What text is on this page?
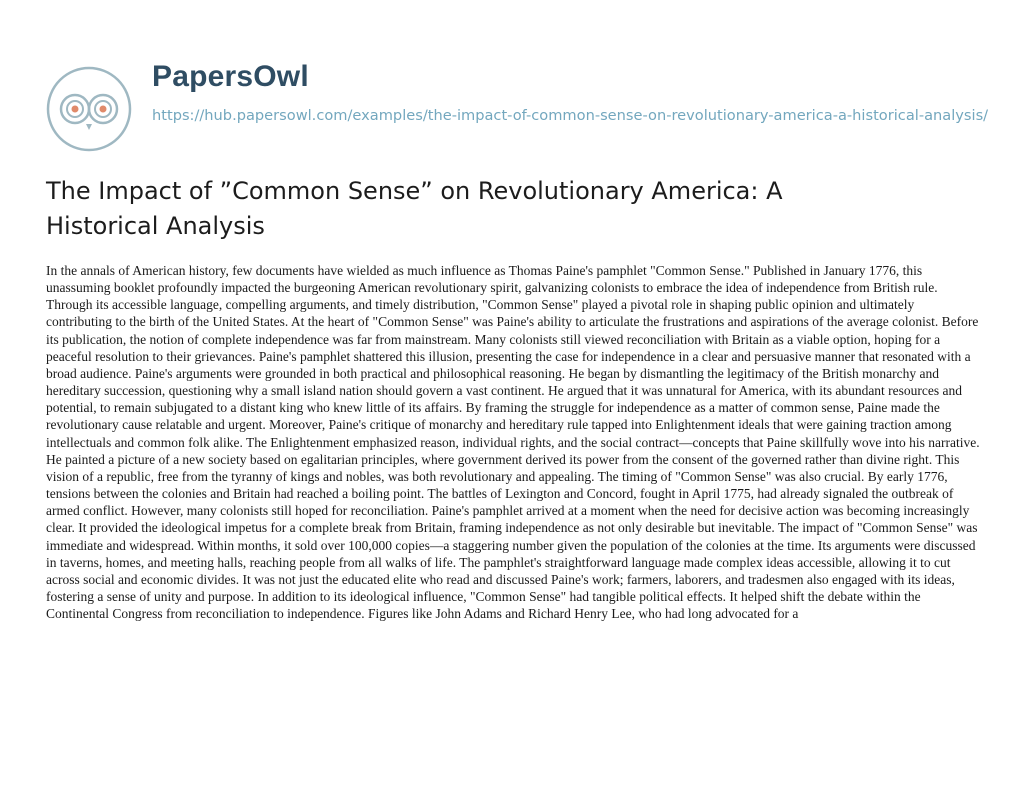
PapersOwl
https://hub.papersowl.com/examples/the-impact-of-common-sense-on-revolutionary-america-a-historical-analysis/
The Impact of ”Common Sense” on Revolutionary America: A Historical Analysis

In the annals of American history, few documents have wielded as much influence as Thomas Paine's pamphlet "Common Sense." Published in January 1776, this unassuming booklet profoundly impacted the burgeoning American revolutionary spirit, galvanizing colonists to embrace the idea of independence from British rule. Through its accessible language, compelling arguments, and timely distribution, "Common Sense" played a pivotal role in shaping public opinion and ultimately contributing to the birth of the United States. At the heart of "Common Sense" was Paine's ability to articulate the frustrations and aspirations of the average colonist. Before its publication, the notion of complete independence was far from mainstream. Many colonists still viewed reconciliation with Britain as a viable option, hoping for a peaceful resolution to their grievances. Paine's pamphlet shattered this illusion, presenting the case for independence in a clear and persuasive manner that resonated with a broad audience. Paine's arguments were grounded in both practical and philosophical reasoning. He began by dismantling the legitimacy of the British monarchy and hereditary succession, questioning why a small island nation should govern a vast continent. He argued that it was unnatural for America, with its abundant resources and potential, to remain subjugated to a distant king who knew little of its affairs. By framing the struggle for independence as a matter of common sense, Paine made the revolutionary cause relatable and urgent. Moreover, Paine's critique of monarchy and hereditary rule tapped into Enlightenment ideals that were gaining traction among intellectuals and common folk alike. The Enlightenment emphasized reason, individual rights, and the social contract—concepts that Paine skillfully wove into his narrative. He painted a picture of a new society based on egalitarian principles, where government derived its power from the consent of the governed rather than divine right. This vision of a republic, free from the tyranny of kings and nobles, was both revolutionary and appealing. The timing of "Common Sense" was also crucial. By early 1776, tensions between the colonies and Britain had reached a boiling point. The battles of Lexington and Concord, fought in April 1775, had already signaled the outbreak of armed conflict. However, many colonists still hoped for reconciliation. Paine's pamphlet arrived at a moment when the need for decisive action was becoming increasingly clear. It provided the ideological impetus for a complete break from Britain, framing independence as not only desirable but inevitable. The impact of "Common Sense" was immediate and widespread. Within months, it sold over 100,000 copies—a staggering number given the population of the colonies at the time. Its arguments were discussed in taverns, homes, and meeting halls, reaching people from all walks of life. The pamphlet's straightforward language made complex ideas accessible, allowing it to cut across social and economic divides. It was not just the educated elite who read and discussed Paine's work; farmers, laborers, and tradesmen also engaged with its ideas, fostering a sense of unity and purpose. In addition to its ideological influence, "Common Sense" had tangible political effects. It helped shift the debate within the Continental Congress from reconciliation to independence. Figures like John Adams and Richard Henry Lee, who had long advocated for a
